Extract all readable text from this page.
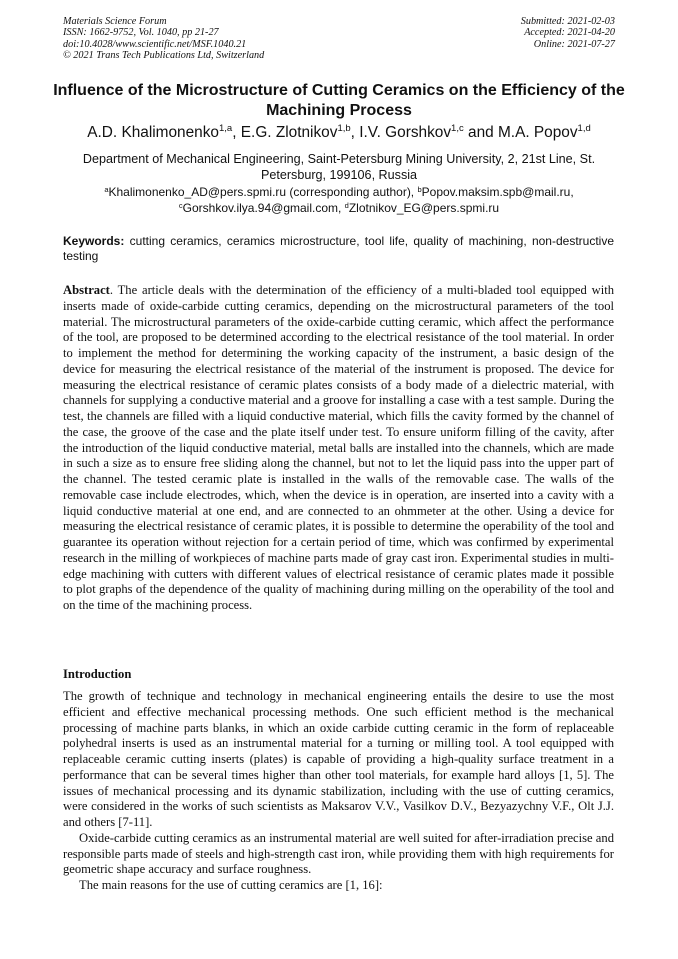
Materials Science Forum
ISSN: 1662-9752, Vol. 1040, pp 21-27
doi:10.4028/www.scientific.net/MSF.1040.21
© 2021 Trans Tech Publications Ltd, Switzerland
Submitted: 2021-02-03
Accepted: 2021-04-20
Online: 2021-07-27
Influence of the Microstructure of Cutting Ceramics on the Efficiency of the Machining Process
A.D. Khalimonenko$^{1,a}$, E.G. Zlotnikov$^{1,b}$, I.V. Gorshkov$^{1,c}$ and M.A. Popov$^{1,d}$
Department of Mechanical Engineering, Saint-Petersburg Mining University, 2, 21st Line, St. Petersburg, 199106, Russia
$^a$Khalimonenko_AD@pers.spmi.ru (corresponding author), $^b$Popov.maksim.spb@mail.ru,
$^c$Gorshkov.ilya.94@gmail.com, $^d$Zlotnikov_EG@pers.spmi.ru
Keywords: cutting ceramics, ceramics microstructure, tool life, quality of machining, non-destructive testing
Abstract. The article deals with the determination of the efficiency of a multi-bladed tool equipped with inserts made of oxide-carbide cutting ceramics, depending on the microstructural parameters of the tool material. The microstructural parameters of the oxide-carbide cutting ceramic, which affect the performance of the tool, are proposed to be determined according to the electrical resistance of the tool material. In order to implement the method for determining the working capacity of the instrument, a basic design of the device for measuring the electrical resistance of the material of the instrument is proposed. The device for measuring the electrical resistance of ceramic plates consists of a body made of a dielectric material, with channels for supplying a conductive material and a groove for installing a case with a test sample. During the test, the channels are filled with a liquid conductive material, which fills the cavity formed by the channel of the case, the groove of the case and the plate itself under test. To ensure uniform filling of the cavity, after the introduction of the liquid conductive material, metal balls are installed into the channels, which are made in such a size as to ensure free sliding along the channel, but not to let the liquid pass into the upper part of the channel. The tested ceramic plate is installed in the walls of the removable case. The walls of the removable case include electrodes, which, when the device is in operation, are inserted into a cavity with a liquid conductive material at one end, and are connected to an ohmmeter at the other. Using a device for measuring the electrical resistance of ceramic plates, it is possible to determine the operability of the tool and guarantee its operation without rejection for a certain period of time, which was confirmed by experimental research in the milling of workpieces of machine parts made of gray cast iron. Experimental studies in multi-edge machining with cutters with different values of electrical resistance of ceramic plates made it possible to plot graphs of the dependence of the quality of machining during milling on the operability of the tool and on the time of the machining process.
Introduction

The growth of technique and technology in mechanical engineering entails the desire to use the most efficient and effective mechanical processing methods. One such efficient method is the mechanical processing of machine parts blanks, in which an oxide carbide cutting ceramic in the form of replaceable polyhedral inserts is used as an instrumental material for a turning or milling tool. A tool equipped with replaceable ceramic cutting inserts (plates) is capable of providing a high-quality surface treatment in a performance that can be several times higher than other tool materials, for example hard alloys [1, 5]. The issues of mechanical processing and its dynamic stabilization, including with the use of cutting ceramics, were considered in the works of such scientists as Maksarov V.V., Vasilkov D.V., Bezyazychny V.F., Olt J.J. and others [7-11].

Oxide-carbide cutting ceramics as an instrumental material are well suited for after-irradiation precise and responsible parts made of steels and high-strength cast iron, while providing them with high requirements for geometric shape accuracy and surface roughness.

The main reasons for the use of cutting ceramics are [1, 16]:
